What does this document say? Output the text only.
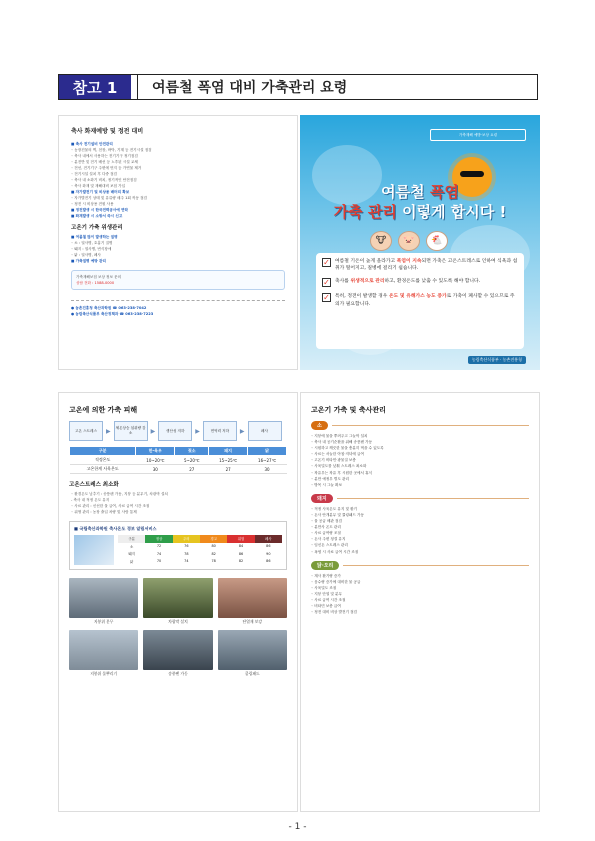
참고 1	여름철 폭염 대비 가축관리 요령
축사 화재예방 및 정전 대비
■ 축사 전기설비 안전관리
◦ 농장건물의 벽, 천장, 바닥, 기계 등 전기시설 점검
◦ 축사 내에서 사용하는 전기기구 정기점검
◦ 분전반 및 전기 배선 등 노후된 시설 교체
◦ 전선, 전기기구 주변에 먼지 등 가연물 제거
◦ 전기시설 설치 후 다중 점검
◦ 축사 내 소화기 비치, 정기적인 안전점검
◦ 축사 화재 및 재해대비 보험 가입
■ 자가발전기 및 비상용 배터리 확보
◦ 자가발전기 상태 및 유류량 매주 1회 작동 점검
◦ 정전 시 비상용 전원 사용
■ 정전발생 시 한국전력공사에 연락
■ 화재발생 시 소방서 즉시 신고
고온기 가축 위생관리
■ 여름철 많이 발생하는 질병
◦ 소 : 열사병, 호흡기 질병
◦ 돼지 : 열사병, 번식장애
◦ 닭 : 열사병, 폐사
■ 가축질병 예방 관리
가축재해보험 보상 정보 문의
상담 전화 : 1588-0000
● 농촌진흥청 축산과학원 ☎ 063-238-7042
● 농림축산식품부 축산정책과 ☎ 063-238-7223
가축재해 예방·보상 요령
여름철 폭염
가축 관리 이렇게 합시다 !
🐮	🐷	🐔
✓ 여름철 기온이 높게 올라가고 폭염이 지속되면 가축은 고온스트레스로 인하여 식욕과 섭취가 떨어지고, 질병에 걸리기 쉽습니다.
✓ 축사를 위생적으로 관리하고, 환경온도를 낮출 수 있도록 해야 합니다.
✓ 특히, 정전이 발생할 경우 온도 및 유해가스 농도 증가로 가축이 폐사할 수 있으므로 주의가 필요합니다.
농림축산식품부 · 농촌진흥청
고온에 의한 가축 피해
고온 스트레스	▶	체온상승 섭취량 감소	▶	생산성 저하	▶	면역력 저하	▶	폐사
구분	한·육우	젖소	돼지	닭
적정온도	10~20℃	5~20℃	15~25℃	16~27℃
고온한계 사육온도	30	27	27	30
고온스트레스 최소화
◦ 환경온도 낮추기 : 송풍팬 가동, 지붕 등 분무기, 차광막 설치
- 축사 내 적정 온도 유지
◦ 사료 관리 : 신선한 물 급여, 사료 급여 시간 조절
◦ 위생 관리 : 농장 출입 차량 및 사람 통제
■ 국립축산과학원 축사온도 경보 알림서비스
구분	정상	주의	경고	위험	폐사
소	72	76	80	84	86
돼지	74	78	82	86	90
닭	70	74	78	82	86
지붕위 분무	차광막 설치	단열재 보강
지붕위 물뿌리기	송풍팬 가동	쿨링패드
고온기 가축 및 축사관리
소
◦ 지붕에 물을 뿌려주고 그늘막 설치
◦ 축사 내 공기순환을 위해 송풍팬 가동
◦ 시원하고 깨끗한 물을 충분히 먹을 수 있도록
◦ 사료는 서늘한 아침·저녁에 급여
◦ 고온기 비타민·광물질 보충
◦ 사육밀도를 낮춰 스트레스 최소화
◦ 착유우는 착유 후 시원한 곳에서 휴식
◦ 분만 예정우 별도 관리
◦ 방목 시 그늘 확보
돼지
◦ 적정 사육온도 유지 및 환기
◦ 돈사 안개분무 및 쿨링패드 가동
◦ 물 공급 배관 점검
◦ 분만사 온도 관리
◦ 사료 급여량 조절
◦ 돈사 주변 청결 유지
◦ 임신돈 스트레스 관리
◦ 폭염 시 사료 급여 시간 조절
닭·오리
◦ 계사 환기량 증가
◦ 음수량 증가에 대비한 물 공급
◦ 사육밀도 조절
◦ 지붕 단열 및 분무
◦ 사료 급여 시간 조절
◦ 비타민 보충 급여
◦ 정전 대비 비상 발전기 점검
- 1 -
